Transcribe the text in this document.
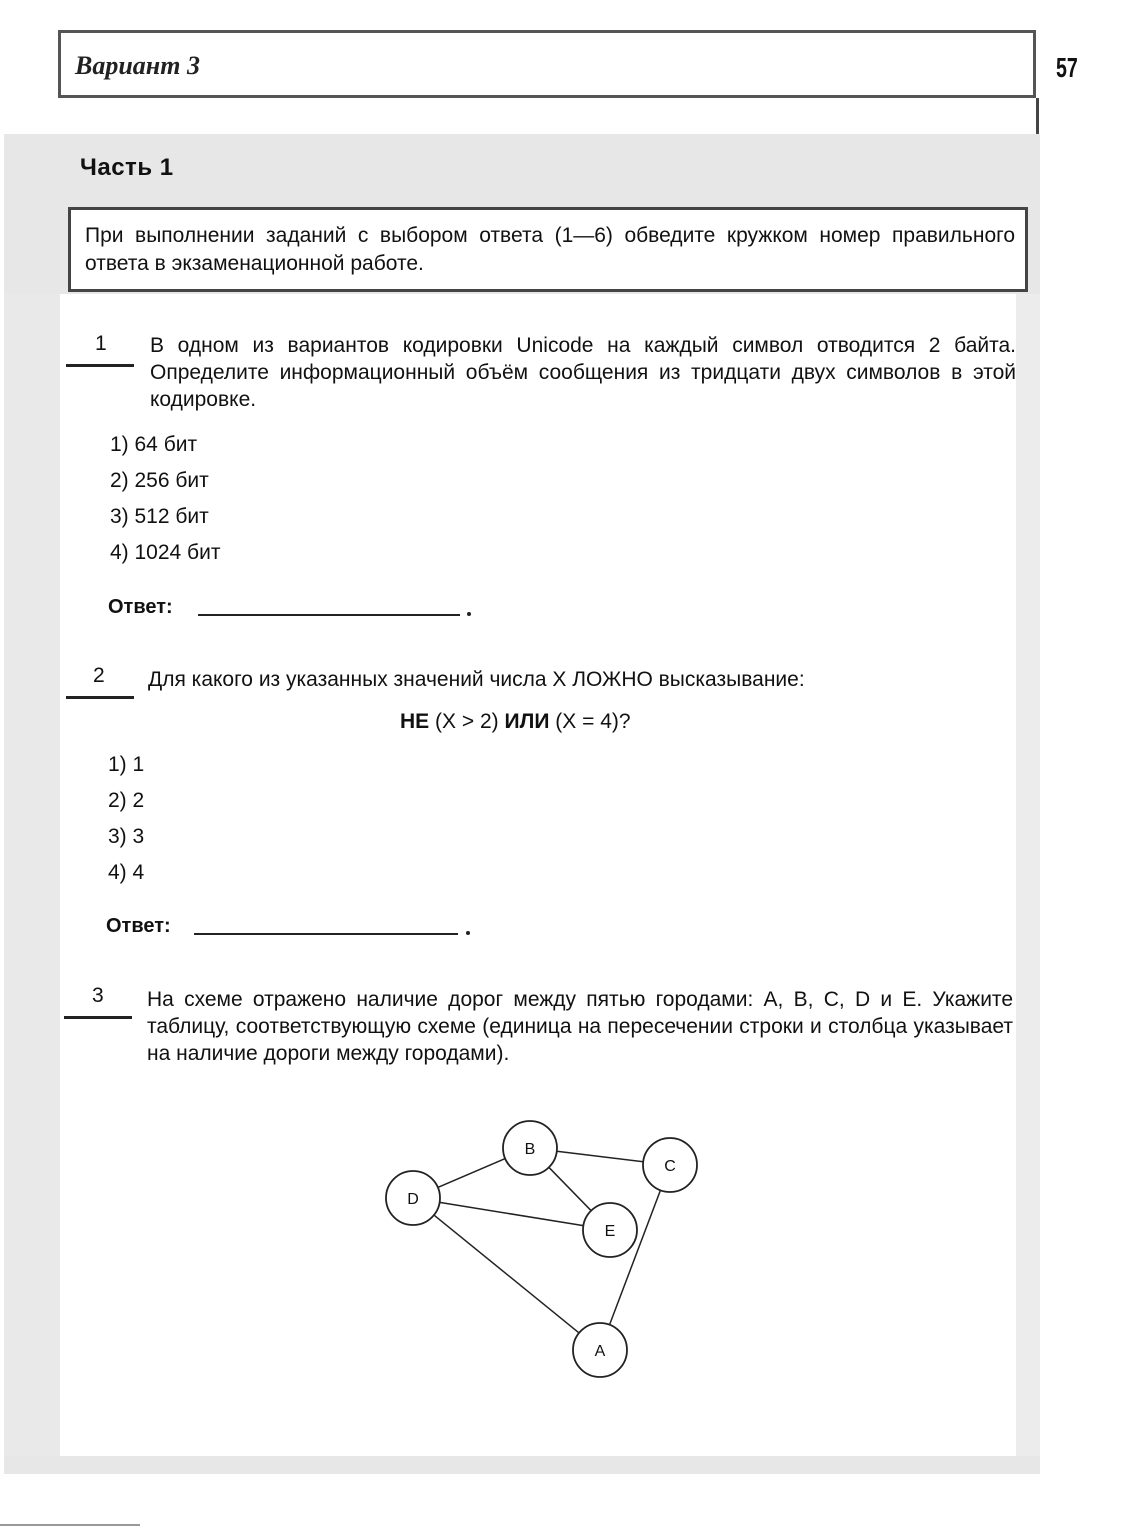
Вариант 3	57
Часть 1
При выполнении заданий с выбором ответа (1—6) обведите кружком номер правильного ответа в экзаменационной работе.
1 В одном из вариантов кодировки Unicode на каждый символ отводится 2 байта. Определите информационный объём сообщения из тридцати двух символов в этой кодировке.
1) 64 бит
2) 256 бит
3) 512 бит
4) 1024 бит
Ответ:
2 Для какого из указанных значений числа X ЛОЖНО высказывание:
НЕ (X > 2) ИЛИ (X = 4)?
1) 1
2) 2
3) 3
4) 4
Ответ:
3 На схеме отражено наличие дорог между пятью городами: A, B, C, D и E. Укажите таблицу, соответствующую схеме (единица на пересечении строки и столбца указывает на наличие дороги между городами).
A
B
C
D
E
